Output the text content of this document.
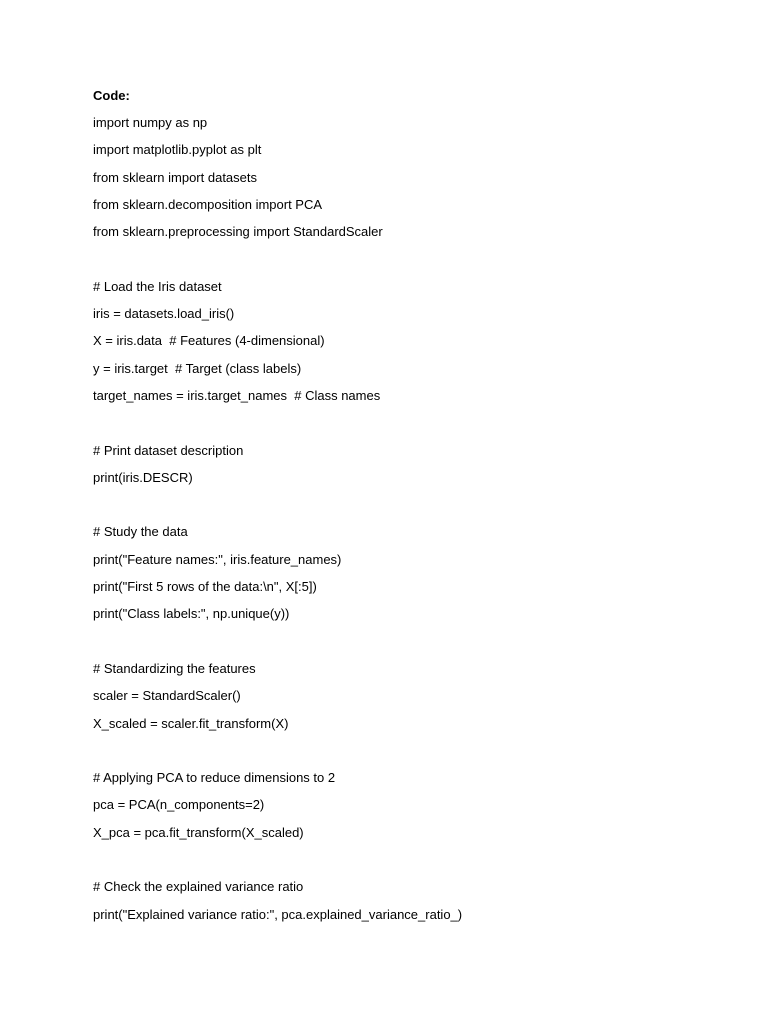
Code:
import numpy as np
import matplotlib.pyplot as plt
from sklearn import datasets
from sklearn.decomposition import PCA
from sklearn.preprocessing import StandardScaler
# Load the Iris dataset
iris = datasets.load_iris()
X = iris.data  # Features (4-dimensional)
y = iris.target  # Target (class labels)
target_names = iris.target_names  # Class names
# Print dataset description
print(iris.DESCR)
# Study the data
print("Feature names:", iris.feature_names)
print("First 5 rows of the data:\n", X[:5])
print("Class labels:", np.unique(y))
# Standardizing the features
scaler = StandardScaler()
X_scaled = scaler.fit_transform(X)
# Applying PCA to reduce dimensions to 2
pca = PCA(n_components=2)
X_pca = pca.fit_transform(X_scaled)
# Check the explained variance ratio
print("Explained variance ratio:", pca.explained_variance_ratio_)
